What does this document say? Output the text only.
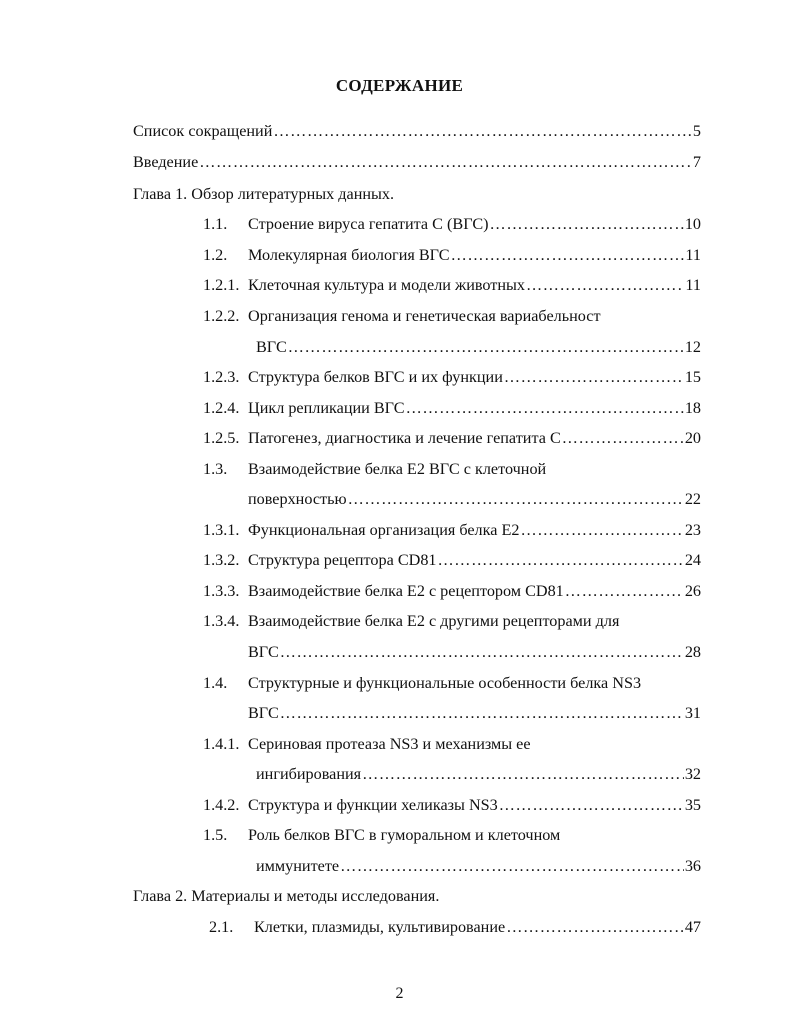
СОДЕРЖАНИЕ
Список сокращений ……………………………………………………………………………………………………………………………………	5
Введение ……………………………………………………………………………………………………………………………………	7
Глава 1. Обзор литературных данных.
1.1.	Строение вируса гепатита С (ВГС) ……………………………………………………………………………………………………………………………………	10
1.2.	Молекулярная биология ВГС ……………………………………………………………………………………………………………………………………	11
1.2.1. Клеточная культура и модели животных ……………………………………………………………………………………………………………………………………	11
1.2.2. Организация генома и генетическая вариабельност
ВГС ……………………………………………………………………………………………………………………………………	12
1.2.3. Структура белков ВГС и их функции ……………………………………………………………………………………………………………………………………	15
1.2.4. Цикл репликации ВГС ……………………………………………………………………………………………………………………………………	18
1.2.5. Патогенез, диагностика и лечение гепатита С ……………………………………………………………………………………………………………………………………	20
1.3.	Взаимодействие белка Е2 ВГС с клеточной
поверхностью ……………………………………………………………………………………………………………………………………	22
1.3.1. Функциональная организация белка Е2 ……………………………………………………………………………………………………………………………………	23
1.3.2. Структура рецептора CD81 ……………………………………………………………………………………………………………………………………	24
1.3.3. Взаимодействие белка Е2 с рецептором CD81 ……………………………………………………………………………………………………………………………………	26
1.3.4. Взаимодействие белка Е2 с другими рецепторами для
ВГС ……………………………………………………………………………………………………………………………………	28
1.4.	Структурные и функциональные особенности белка NS3
ВГС ……………………………………………………………………………………………………………………………………	31
1.4.1. Сериновая протеаза NS3 и механизмы ее
ингибирования ……………………………………………………………………………………………………………………………………	32
1.4.2. Структура и функции хеликазы NS3 ……………………………………………………………………………………………………………………………………	35
1.5.	Роль белков ВГС в гуморальном и клеточном
иммунитете ……………………………………………………………………………………………………………………………………	36
Глава 2. Материалы и методы исследования.
2.1.	Клетки, плазмиды, культивирование ……………………………………………………………………………………………………………………………………	47
2
